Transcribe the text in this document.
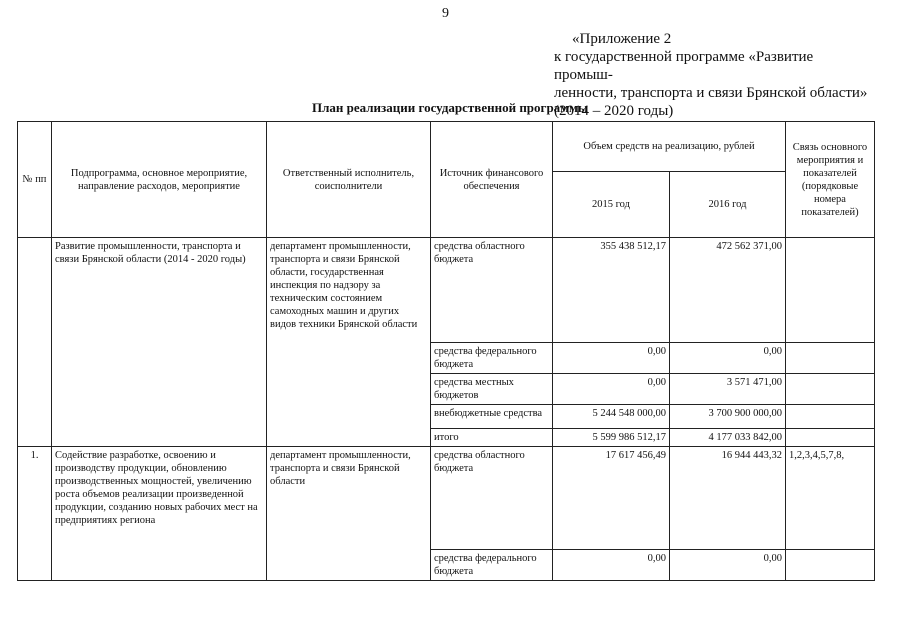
9
«Приложение 2
к государственной программе «Развитие промыш-
ленности, транспорта и связи Брянской области»
(2014 – 2020 годы)
План реализации государственной программы
№ пп	Подпрограмма, основное мероприятие, направление расходов, мероприятие	Ответственный исполнитель, соисполнители	Источник финансового обеспечения	Объем средств на реализацию, рублей		Связь основного мероприятия и показателей (порядковые номера показателей)
				2015 год	2016 год	
	Развитие промышленности, транспорта и связи Брянской области (2014 - 2020 годы)	департамент промышленности, транспорта и связи Брянской области, государственная инспекция по надзору за техническим состоянием самоходных машин и других видов техники Брянской области	средства областного бюджета	355 438 512,17	472 562 371,00	
			средства федерального бюджета	0,00	0,00	
			средства местных бюджетов	0,00	3 571 471,00	
			внебюджетные средства	5 244 548 000,00	3 700 900 000,00	
			итого	5 599 986 512,17	4 177 033 842,00	
1.	Содействие разработке, освоению и производству продукции, обновлению производственных мощностей, увеличению роста объемов реализации произведенной продукции, созданию новых рабочих мест на предприятиях региона	департамент промышленности, транспорта и связи Брянской области	средства областного бюджета	17 617 456,49	16 944 443,32	1,2,3,4,5,7,8,
			средства федерального бюджета	0,00	0,00	
